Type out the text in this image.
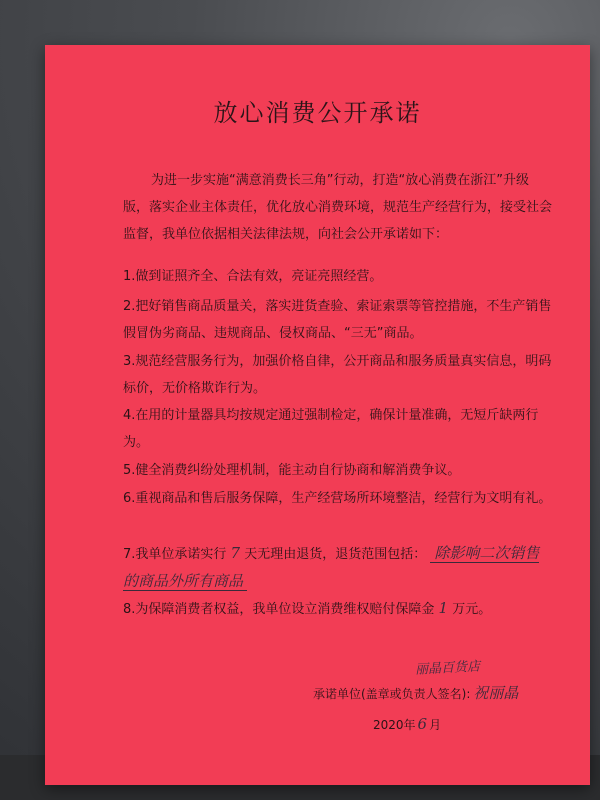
放心消费公开承诺
为进一步实施“满意消费长三角”行动，打造“放心消费在浙江”升级版，落实企业主体责任，优化放心消费环境，规范生产经营行为，接受社会监督，我单位依据相关法律法规，向社会公开承诺如下：
1.做到证照齐全、合法有效，亮证亮照经营。
2.把好销售商品质量关，落实进货查验、索证索票等管控措施，不生产销售假冒伪劣商品、违规商品、侵权商品、“三无”商品。
3.规范经营服务行为，加强价格自律，公开商品和服务质量真实信息，明码标价，无价格欺诈行为。
4.在用的计量器具均按规定通过强制检定，确保计量准确，无短斤缺两行为。
5.健全消费纠纷处理机制，能主动自行协商和解消费争议。
6.重视商品和售后服务保障，生产经营场所环境整洁，经营行为文明有礼。
7.我单位承诺实行 7 天无理由退货，退货范围包括： 除影响二次销售的商品外所有商品
8.为保障消费者权益，我单位设立消费维权赔付保障金 1 万元。
丽晶百货店
承诺单位(盖章或负责人签名): 祝丽晶
2020年 6 月
